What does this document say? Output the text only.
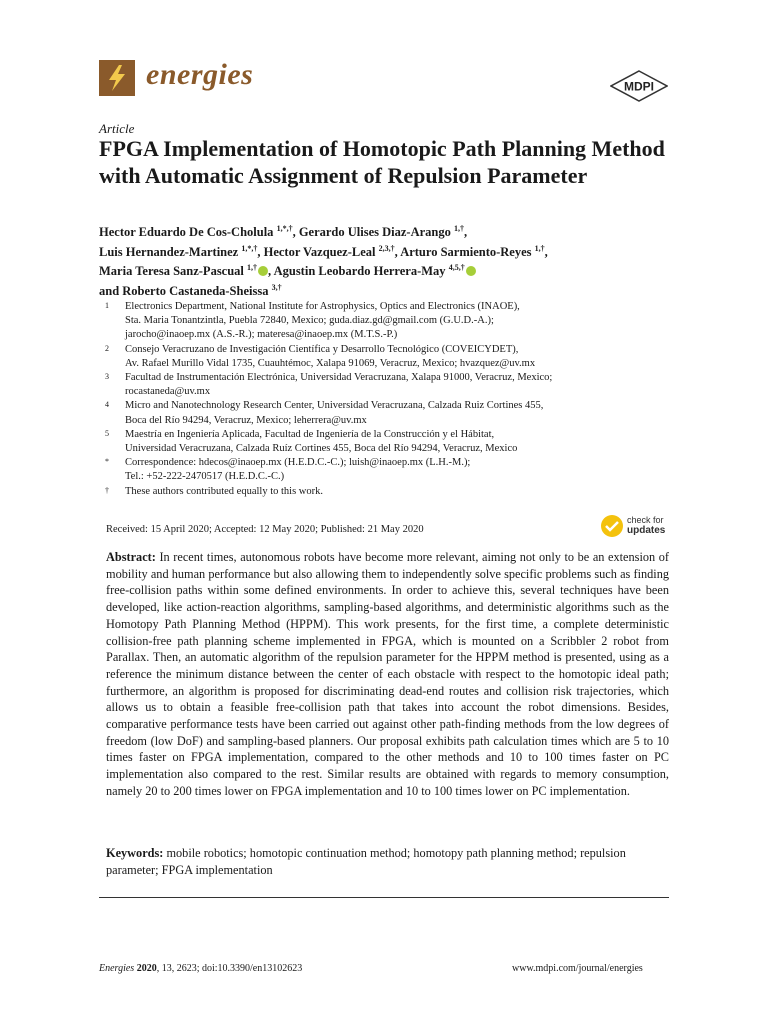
energies	MDPI
Article
FPGA Implementation of Homotopic Path Planning Method with Automatic Assignment of Repulsion Parameter
Hector Eduardo De Cos-Cholula $^{1,*,\dagger}$, Gerardo Ulises Diaz-Arango $^{1,\dagger}$,
Luis Hernandez-Martinez $^{1,*,\dagger}$, Hector Vazquez-Leal $^{2,3,\dagger}$, Arturo Sarmiento-Reyes $^{1,\dagger}$,
Maria Teresa Sanz-Pascual $^{1,\dagger}$ , Agustin Leobardo Herrera-May $^{4,5,\dagger}$
and Roberto Castaneda-Sheissa $^{3,\dagger}$
1 Electronics Department, National Institute for Astrophysics, Optics and Electronics (INAOE),
Sta. Maria Tonantzintla, Puebla 72840, Mexico; guda.diaz.gd@gmail.com (G.U.D.-A.);
jarocho@inaoep.mx (A.S.-R.); materesa@inaoep.mx (M.T.S.-P.)
2 Consejo Veracruzano de Investigación Científica y Desarrollo Tecnológico (COVEICYDET),
Av. Rafael Murillo Vidal 1735, Cuauhtémoc, Xalapa 91069, Veracruz, Mexico; hvazquez@uv.mx
3 Facultad de Instrumentación Electrónica, Universidad Veracruzana, Xalapa 91000, Veracruz, Mexico;
rocastaneda@uv.mx
4 Micro and Nanotechnology Research Center, Universidad Veracruzana, Calzada Ruiz Cortines 455,
Boca del Río 94294, Veracruz, Mexico; leherrera@uv.mx
5 Maestría en Ingeniería Aplicada, Facultad de Ingeniería de la Construcción y el Hábitat,
Universidad Veracruzana, Calzada Ruíz Cortines 455, Boca del Río 94294, Veracruz, Mexico
* Correspondence: hdecos@inaoep.mx (H.E.D.C.-C.); luish@inaoep.mx (L.H.-M.);
Tel.: +52-222-2470517 (H.E.D.C.-C.)
† These authors contributed equally to this work.
Received: 15 April 2020; Accepted: 12 May 2020; Published: 21 May 2020
check for
updates

Abstract: In recent times, autonomous robots have become more relevant, aiming not only to be an extension of mobility and human performance but also allowing them to independently solve specific problems such as finding free-collision paths within some defined environments. In order to achieve this, several techniques have been developed, like action-reaction algorithms, sampling-based algorithms, and deterministic algorithms such as the Homotopy Path Planning Method (HPPM). This work presents, for the first time, a complete deterministic collision-free path planning scheme implemented in FPGA, which is mounted on a Scribbler 2 robot from Parallax. Then, an automatic algorithm of the repulsion parameter for the HPPM method is presented, using as a reference the minimum distance between the center of each obstacle with respect to the homotopic ideal path; furthermore, an algorithm is proposed for discriminating dead-end routes and collision risk trajectories, which allows us to obtain a feasible free-collision path that takes into account the robot dimensions. Besides, comparative performance tests have been carried out against other path-finding methods from the low degrees of freedom (low DoF) and sampling-based planners. Our proposal exhibits path calculation times which are 5 to 10 times faster on FPGA implementation, compared to the other methods and 10 to 100 times faster on PC implementation also compared to the rest. Similar results are obtained with regards to memory consumption, namely 20 to 200 times lower on FPGA implementation and 10 to 100 times lower on PC implementation.

Keywords: mobile robotics; homotopic continuation method; homotopy path planning method; repulsion parameter; FPGA implementation

Energies 2020, 13, 2623; doi:10.3390/en13102623	www.mdpi.com/journal/energies
